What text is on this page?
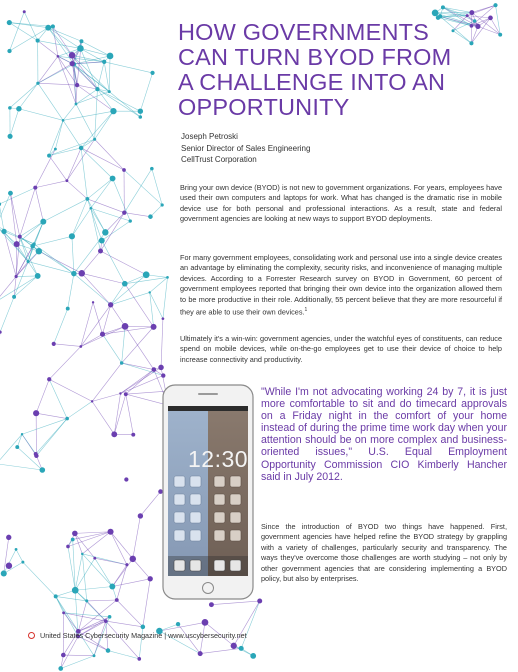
HOW GOVERNMENTS
CAN TURN BYOD FROM
A CHALLENGE INTO AN
OPPORTUNITY
Joseph Petroski
Senior Director of Sales Engineering
CellTrust Corporation

Bring your own device (BYOD) is not new to government organizations. For years, employees have used their own computers and laptops for work. What has changed is the dramatic rise in mobile device use for both personal and professional interactions. As a result, state and federal government agencies are looking at new ways to support BYOD deployments.

For many government employees, consolidating work and personal use into a single device creates an advantage by eliminating the complexity, security risks, and inconvenience of managing multiple devices. According to a Forrester Research survey on BYOD in Government, 60 percent of government employees reported that bringing their own device into the organization allowed them to be more productive in their role. Additionally, 55 percent believe that they are more resourceful if they are able to use their own devices.$^1$

Ultimately it's a win-win: government agencies, under the watchful eyes of constituents, can reduce spend on mobile devices, while on-the-go employees get to use their device of choice to help increase connectivity and productivity.

12:30
"While I'm not advocating working 24 by 7, it is just more comfortable to sit and do timecard approvals on a Friday night in the comfort of your home instead of during the prime time work day when your attention should be on more complex and business-oriented issues," U.S. Equal Employment Opportunity Commission CIO Kimberly Hancher said in July 2012.

Since the introduction of BYOD two things have happened. First, government agencies have helped refine the BYOD strategy by grappling with a variety of challenges, particularly security and transparency. The ways they've overcome those challenges are worth studying – not only by other government agencies that are considering implementing a BYOD policy, but also by enterprises.

United States Cybersecurity Magazine | www.uscybersecurity.net
